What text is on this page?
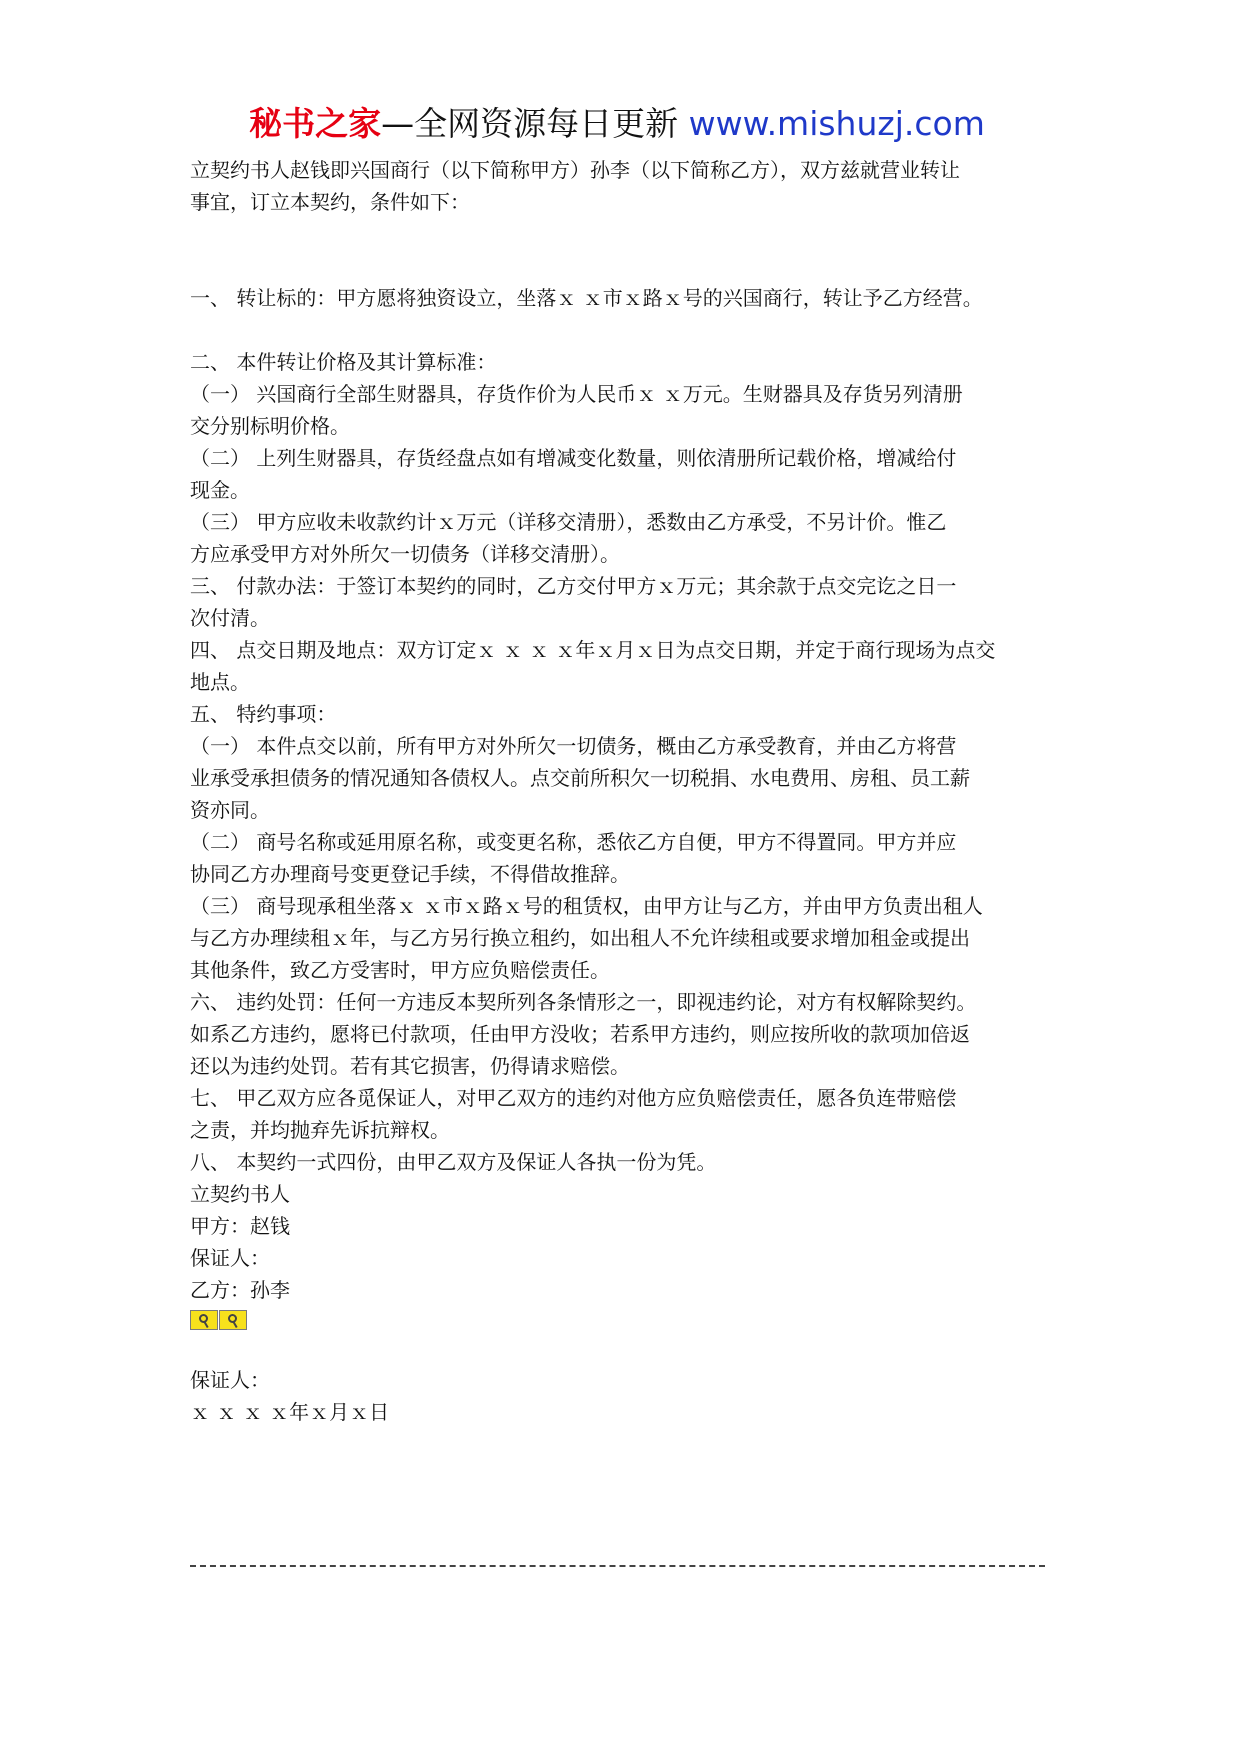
秘书之家—全网资源每日更新 www.mishuzj.com

立契约书人赵钱即兴国商行（以下简称甲方）孙李（以下简称乙方），双方兹就营业转让

事宜，订立本契约，条件如下：

一、 转让标的：甲方愿将独资设立，坐落ｘ ｘ市ｘ路ｘ号的兴国商行，转让予乙方经营。

二、 本件转让价格及其计算标准：

（一） 兴国商行全部生财器具，存货作价为人民币ｘ ｘ万元。生财器具及存货另列清册

交分别标明价格。

（二） 上列生财器具，存货经盘点如有增减变化数量，则依清册所记载价格，增减给付

现金。

（三） 甲方应收未收款约计ｘ万元（详移交清册），悉数由乙方承受，不另计价。惟乙

方应承受甲方对外所欠一切债务（详移交清册）。

三、 付款办法：于签订本契约的同时，乙方交付甲方ｘ万元；其余款于点交完讫之日一

次付清。

四、 点交日期及地点：双方订定ｘ ｘ ｘ ｘ年ｘ月ｘ日为点交日期，并定于商行现场为点交

地点。

五、 特约事项：

（一） 本件点交以前，所有甲方对外所欠一切债务，概由乙方承受教育，并由乙方将营

业承受承担债务的情况通知各债权人。点交前所积欠一切税捐、水电费用、房租、员工薪

资亦同。

（二） 商号名称或延用原名称，或变更名称，悉依乙方自便，甲方不得置同。甲方并应

协同乙方办理商号变更登记手续，不得借故推辞。

（三） 商号现承租坐落ｘ ｘ市ｘ路ｘ号的租赁权，由甲方让与乙方，并由甲方负责出租人

与乙方办理续租ｘ年，与乙方另行换立租约，如出租人不允许续租或要求增加租金或提出

其他条件，致乙方受害时，甲方应负赔偿责任。

六、 违约处罚：任何一方违反本契所列各条情形之一，即视违约论，对方有权解除契约。

如系乙方违约，愿将已付款项，任由甲方没收；若系甲方违约，则应按所收的款项加倍返

还以为违约处罚。若有其它损害，仍得请求赔偿。

七、 甲乙双方应各觅保证人，对甲乙双方的违约对他方应负赔偿责任，愿各负连带赔偿

之责，并均抛弃先诉抗辩权。

八、 本契约一式四份，由甲乙双方及保证人各执一份为凭。

立契约书人

甲方：赵钱

保证人：

乙方：孙李

保证人：

ｘ ｘ ｘ ｘ年ｘ月ｘ日
